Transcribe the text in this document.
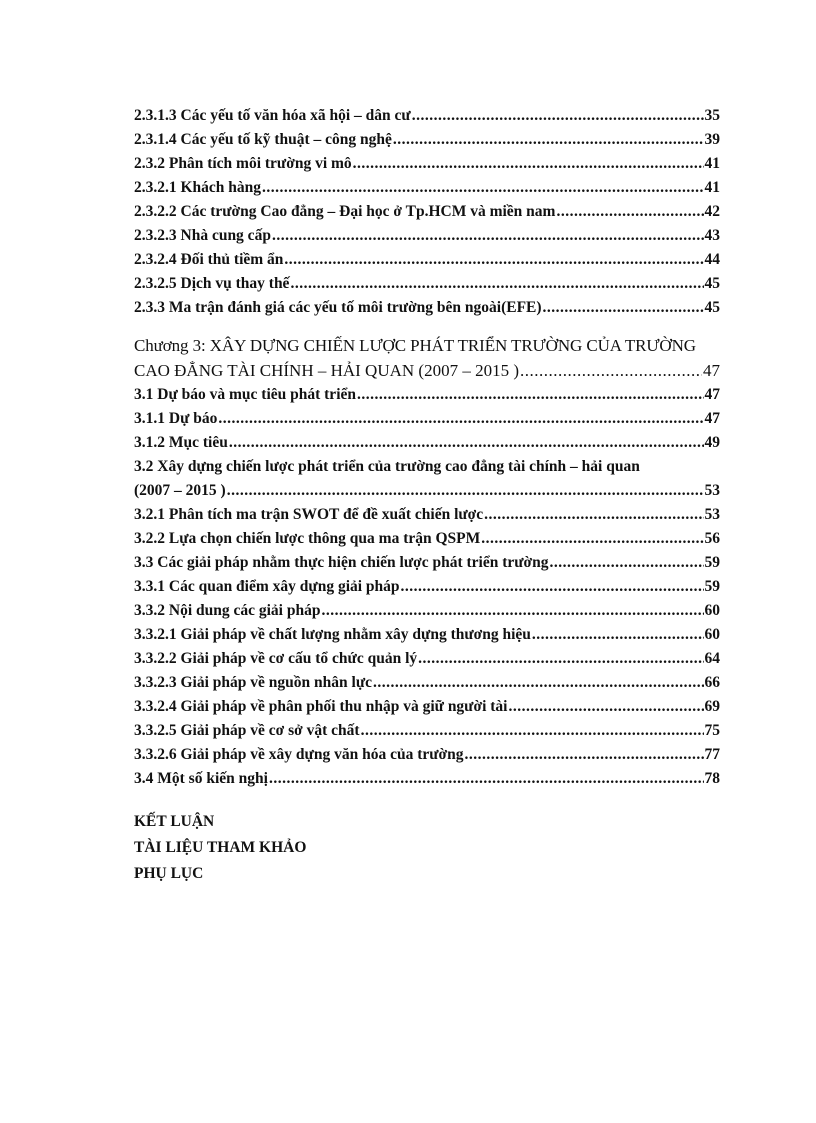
2.3.1.3 Các yếu tố văn hóa xã hội – dân cư .....	35
2.3.1.4 Các yếu tố kỹ thuật – công nghệ .....	39
2.3.2 Phân tích môi trường vi mô .....	41
2.3.2.1 Khách hàng .....	41
2.3.2.2 Các trường Cao đẳng – Đại học ở Tp.HCM và miền nam .....	42
2.3.2.3 Nhà cung cấp .....	43
2.3.2.4 Đối thủ tiềm ẩn .....	44
2.3.2.5 Dịch vụ thay thế .....	45
2.3.3 Ma trận đánh giá các yếu tố môi trường bên ngoài(EFE) .....	45
Chương 3: XÂY DỰNG CHIẾN LƯỢC PHÁT TRIỂN TRƯỜNG CỦA TRƯỜNG
CAO ĐẲNG TÀI CHÍNH – HẢI QUAN (2007 – 2015 ) .....	47
3.1 Dự báo và mục tiêu phát triển .....	47
3.1.1 Dự báo .....	47
3.1.2 Mục tiêu .....	49
3.2 Xây dựng chiến lược phát triển của trường cao đẳng tài chính – hải quan
(2007 – 2015 ) .....	53
3.2.1 Phân tích ma trận SWOT để đề xuất chiến lược .....	53
3.2.2 Lựa chọn chiến lược thông qua ma trận QSPM .....	56
3.3 Các giải pháp nhằm thực hiện chiến lược phát triển trường .....	59
3.3.1 Các quan điểm xây dựng giải pháp .....	59
3.3.2 Nội dung các giải pháp .....	60
3.3.2.1 Giải pháp về chất lượng nhằm xây dựng thương hiệu .....	60
3.3.2.2 Giải pháp về cơ cấu tổ chức quản lý .....	64
3.3.2.3 Giải pháp về nguồn nhân lực .....	66
3.3.2.4 Giải pháp về phân phối thu nhập và giữ người tài .....	69
3.3.2.5 Giải pháp về cơ sở vật chất .....	75
3.3.2.6 Giải pháp về xây dựng văn hóa của trường .....	77
3.4 Một số kiến nghị .....	78
KẾT LUẬN
TÀI LIỆU THAM KHẢO
PHỤ LỤC
